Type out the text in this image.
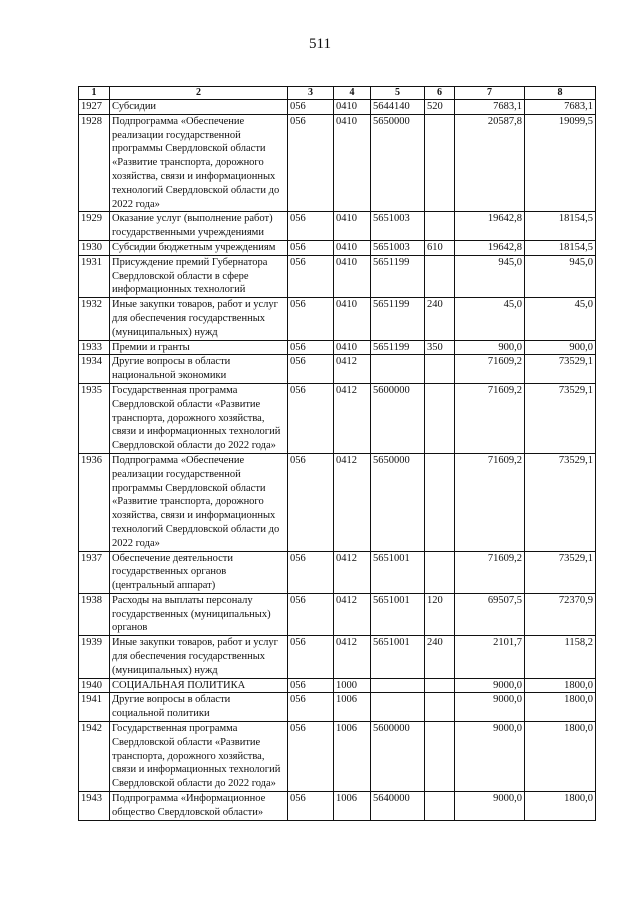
511
1	2	3	4	5	6	7	8
1927	Субсидии	056	0410	5644140	520	7683,1	7683,1
1928	Подпрограмма «Обеспечение реализации государственной программы Свердловской области «Развитие транспорта, дорожного хозяйства, связи и информационных технологий Свердловской области до 2022 года»	056	0410	5650000		20587,8	19099,5
1929	Оказание услуг (выполнение работ) государственными учреждениями	056	0410	5651003		19642,8	18154,5
1930	Субсидии бюджетным учреждениям	056	0410	5651003	610	19642,8	18154,5
1931	Присуждение премий Губернатора Свердловской области в сфере информационных технологий	056	0410	5651199		945,0	945,0
1932	Иные закупки товаров, работ и услуг для обеспечения государственных (муниципальных) нужд	056	0410	5651199	240	45,0	45,0
1933	Премии и гранты	056	0410	5651199	350	900,0	900,0
1934	Другие вопросы в области национальной экономики	056	0412			71609,2	73529,1
1935	Государственная программа Свердловской области «Развитие транспорта, дорожного хозяйства, связи и информационных технологий Свердловской области до 2022 года»	056	0412	5600000		71609,2	73529,1
1936	Подпрограмма «Обеспечение реализации государственной программы Свердловской области «Развитие транспорта, дорожного хозяйства, связи и информационных технологий Свердловской области до 2022 года»	056	0412	5650000		71609,2	73529,1
1937	Обеспечение деятельности государственных органов (центральный аппарат)	056	0412	5651001		71609,2	73529,1
1938	Расходы на выплаты персоналу государственных (муниципальных) органов	056	0412	5651001	120	69507,5	72370,9
1939	Иные закупки товаров, работ и услуг для обеспечения государственных (муниципальных) нужд	056	0412	5651001	240	2101,7	1158,2
1940	СОЦИАЛЬНАЯ ПОЛИТИКА	056	1000			9000,0	1800,0
1941	Другие вопросы в области социальной политики	056	1006			9000,0	1800,0
1942	Государственная программа Свердловской области «Развитие транспорта, дорожного хозяйства, связи и информационных технологий Свердловской области до 2022 года»	056	1006	5600000		9000,0	1800,0
1943	Подпрограмма «Информационное общество Свердловской области»	056	1006	5640000		9000,0	1800,0
